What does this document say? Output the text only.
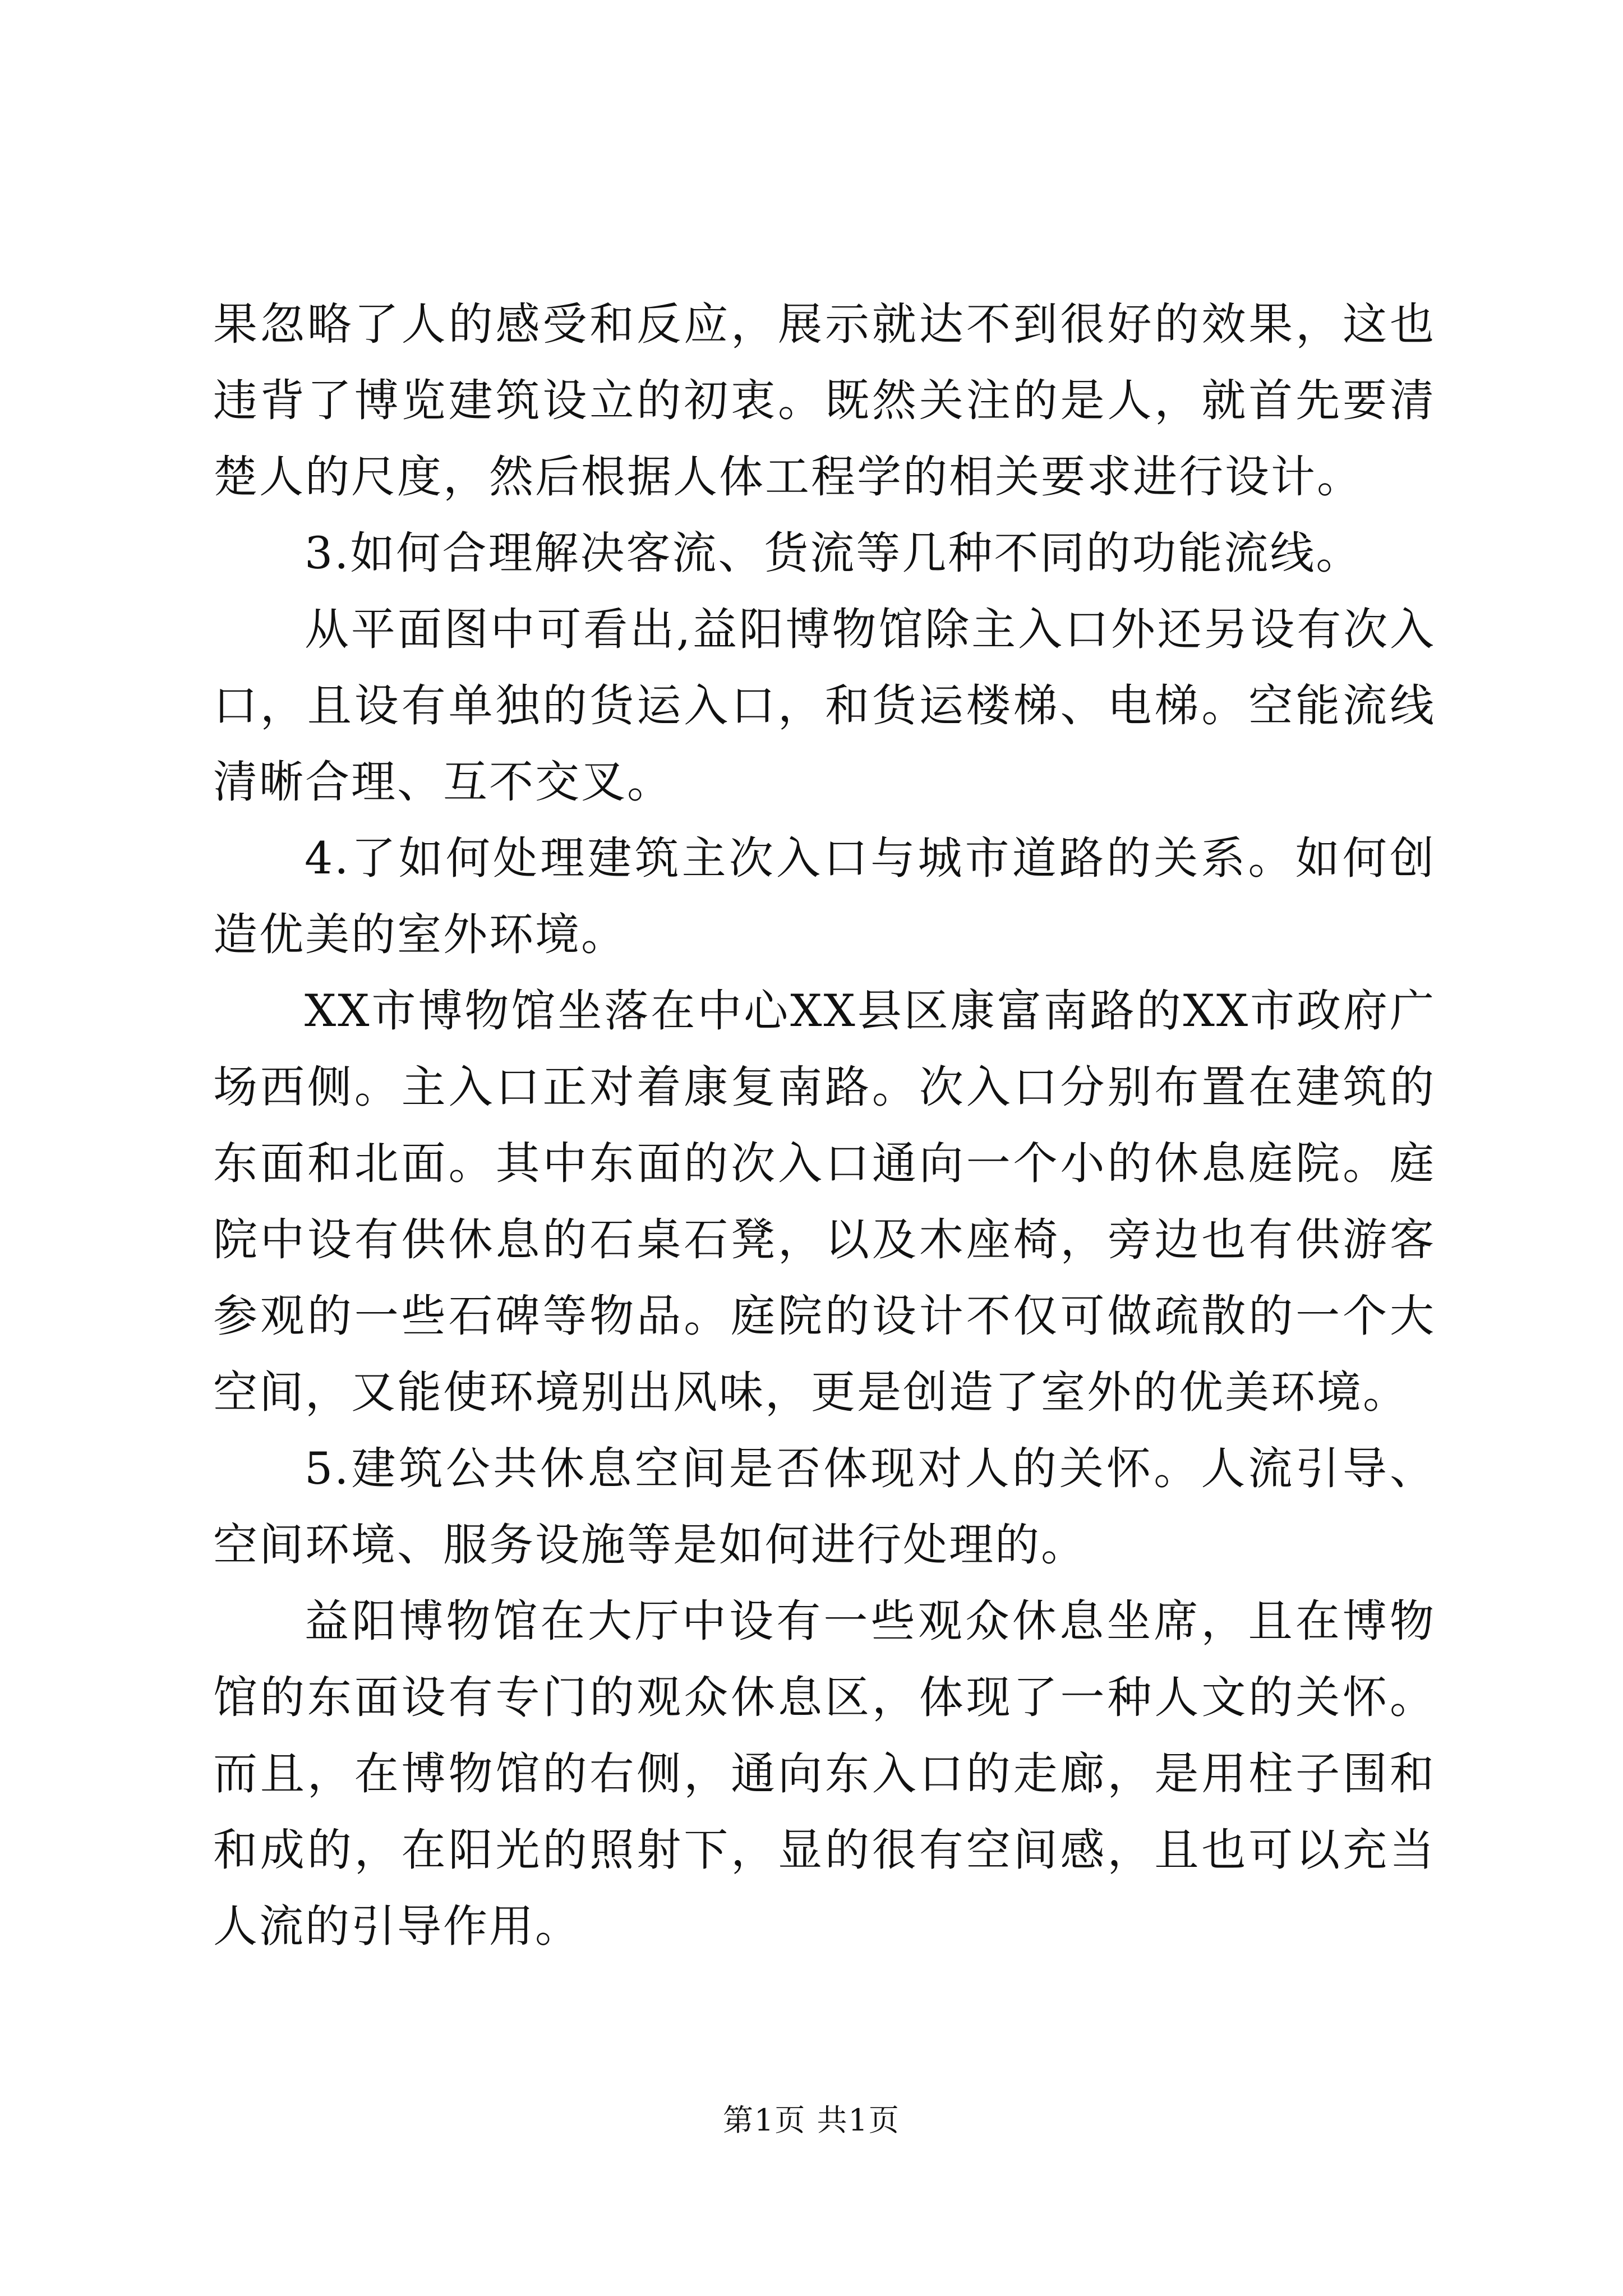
果忽略了人的感受和反应，展示就达不到很好的效果，这也违背了博览建筑设立的初衷。既然关注的是人，就首先要清楚人的尺度，然后根据人体工程学的相关要求进行设计。

3.如何合理解决客流、货流等几种不同的功能流线。

从平面图中可看出,益阳博物馆除主入口外还另设有次入口，且设有单独的货运入口，和货运楼梯、电梯。空能流线清晰合理、互不交叉。

4.了如何处理建筑主次入口与城市道路的关系。如何创造优美的室外环境。

XX市博物馆坐落在中心XX县区康富南路的XX市政府广场西侧。主入口正对着康复南路。次入口分别布置在建筑的东面和北面。其中东面的次入口通向一个小的休息庭院。庭院中设有供休息的石桌石凳，以及木座椅，旁边也有供游客参观的一些石碑等物品。庭院的设计不仅可做疏散的一个大空间，又能使环境别出风味，更是创造了室外的优美环境。

5.建筑公共休息空间是否体现对人的关怀。人流引导、空间环境、服务设施等是如何进行处理的。

益阳博物馆在大厅中设有一些观众休息坐席，且在博物馆的东面设有专门的观众休息区，体现了一种人文的关怀。而且，在博物馆的右侧，通向东入口的走廊，是用柱子围和和成的，在阳光的照射下，显的很有空间感，且也可以充当人流的引导作用。

第1页 共1页
